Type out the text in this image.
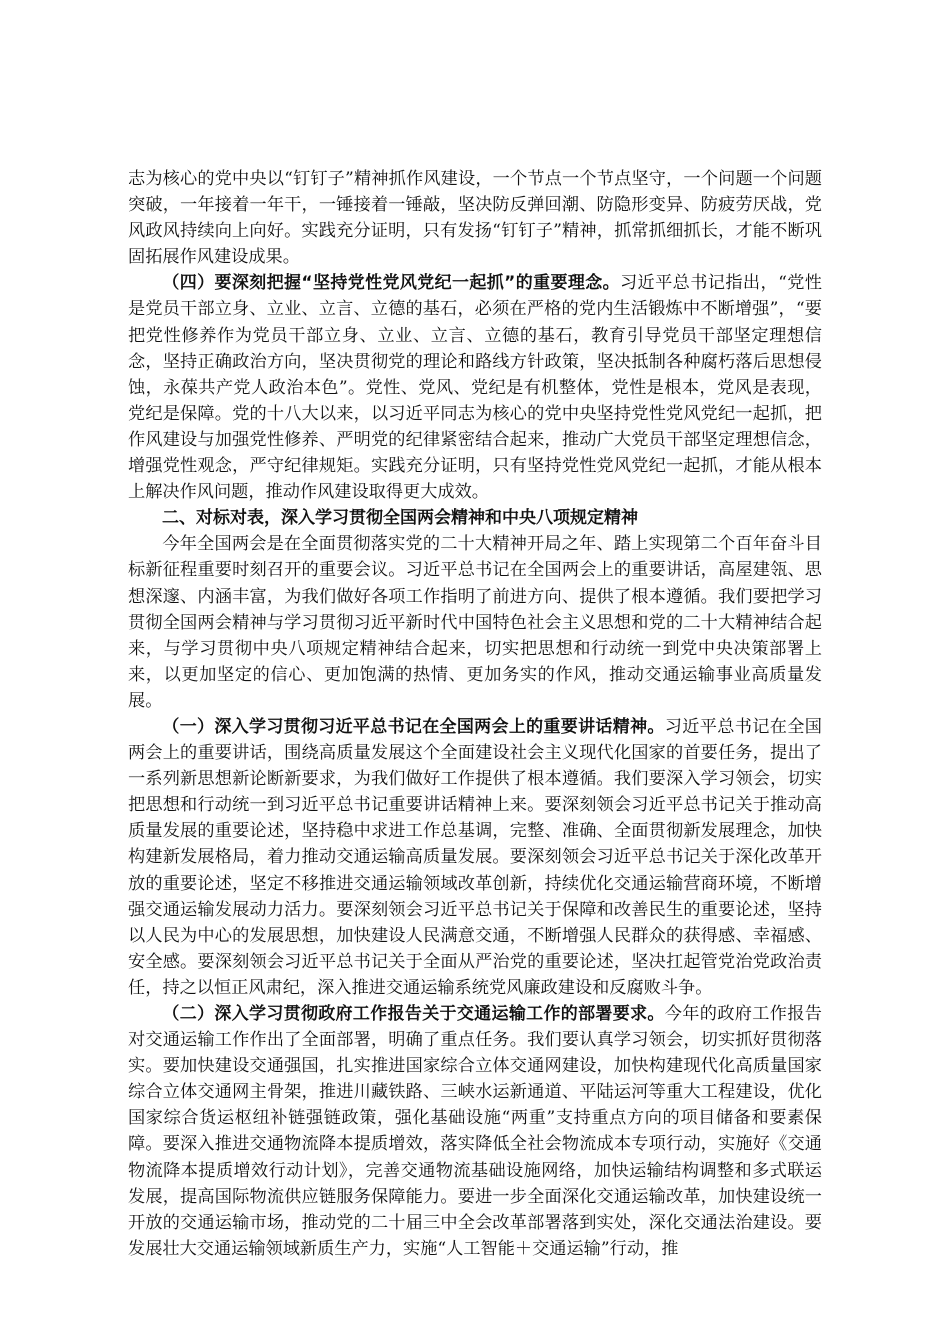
志为核心的党中央以“钉钉子”精神抓作风建设，一个节点一个节点坚守，一个问题一个问题突破，一年接着一年干，一锤接着一锤敲，坚决防反弹回潮、防隐形变异、防疲劳厌战，党风政风持续向上向好。实践充分证明，只有发扬“钉钉子”精神，抓常抓细抓长，才能不断巩固拓展作风建设成果。

（四）要深刻把握“坚持党性党风党纪一起抓”的重要理念。习近平总书记指出，“党性是党员干部立身、立业、立言、立德的基石，必须在严格的党内生活锻炼中不断增强”，“要把党性修养作为党员干部立身、立业、立言、立德的基石，教育引导党员干部坚定理想信念，坚持正确政治方向，坚决贯彻党的理论和路线方针政策，坚决抵制各种腐朽落后思想侵蚀，永葆共产党人政治本色”。党性、党风、党纪是有机整体，党性是根本，党风是表现，党纪是保障。党的十八大以来，以习近平同志为核心的党中央坚持党性党风党纪一起抓，把作风建设与加强党性修养、严明党的纪律紧密结合起来，推动广大党员干部坚定理想信念，增强党性观念，严守纪律规矩。实践充分证明，只有坚持党性党风党纪一起抓，才能从根本上解决作风问题，推动作风建设取得更大成效。

二、对标对表，深入学习贯彻全国两会精神和中央八项规定精神

今年全国两会是在全面贯彻落实党的二十大精神开局之年、踏上实现第二个百年奋斗目标新征程重要时刻召开的重要会议。习近平总书记在全国两会上的重要讲话，高屋建瓴、思想深邃、内涵丰富，为我们做好各项工作指明了前进方向、提供了根本遵循。我们要把学习贯彻全国两会精神与学习贯彻习近平新时代中国特色社会主义思想和党的二十大精神结合起来，与学习贯彻中央八项规定精神结合起来，切实把思想和行动统一到党中央决策部署上来，以更加坚定的信心、更加饱满的热情、更加务实的作风，推动交通运输事业高质量发展。

（一）深入学习贯彻习近平总书记在全国两会上的重要讲话精神。习近平总书记在全国两会上的重要讲话，围绕高质量发展这个全面建设社会主义现代化国家的首要任务，提出了一系列新思想新论断新要求，为我们做好工作提供了根本遵循。我们要深入学习领会，切实把思想和行动统一到习近平总书记重要讲话精神上来。要深刻领会习近平总书记关于推动高质量发展的重要论述，坚持稳中求进工作总基调，完整、准确、全面贯彻新发展理念，加快构建新发展格局，着力推动交通运输高质量发展。要深刻领会习近平总书记关于深化改革开放的重要论述，坚定不移推进交通运输领域改革创新，持续优化交通运输营商环境，不断增强交通运输发展动力活力。要深刻领会习近平总书记关于保障和改善民生的重要论述，坚持以人民为中心的发展思想，加快建设人民满意交通，不断增强人民群众的获得感、幸福感、安全感。要深刻领会习近平总书记关于全面从严治党的重要论述，坚决扛起管党治党政治责任，持之以恒正风肃纪，深入推进交通运输系统党风廉政建设和反腐败斗争。

（二）深入学习贯彻政府工作报告关于交通运输工作的部署要求。今年的政府工作报告对交通运输工作作出了全面部署，明确了重点任务。我们要认真学习领会，切实抓好贯彻落实。要加快建设交通强国，扎实推进国家综合立体交通网建设，加快构建现代化高质量国家综合立体交通网主骨架，推进川藏铁路、三峡水运新通道、平陆运河等重大工程建设，优化国家综合货运枢纽补链强链政策，强化基础设施“两重”支持重点方向的项目储备和要素保障。要深入推进交通物流降本提质增效，落实降低全社会物流成本专项行动，实施好《交通物流降本提质增效行动计划》，完善交通物流基础设施网络，加快运输结构调整和多式联运发展，提高国际物流供应链服务保障能力。要进一步全面深化交通运输改革，加快建设统一开放的交通运输市场，推动党的二十届三中全会改革部署落到实处，深化交通法治建设。要发展壮大交通运输领域新质生产力，实施“人工智能＋交通运输”行动，推
